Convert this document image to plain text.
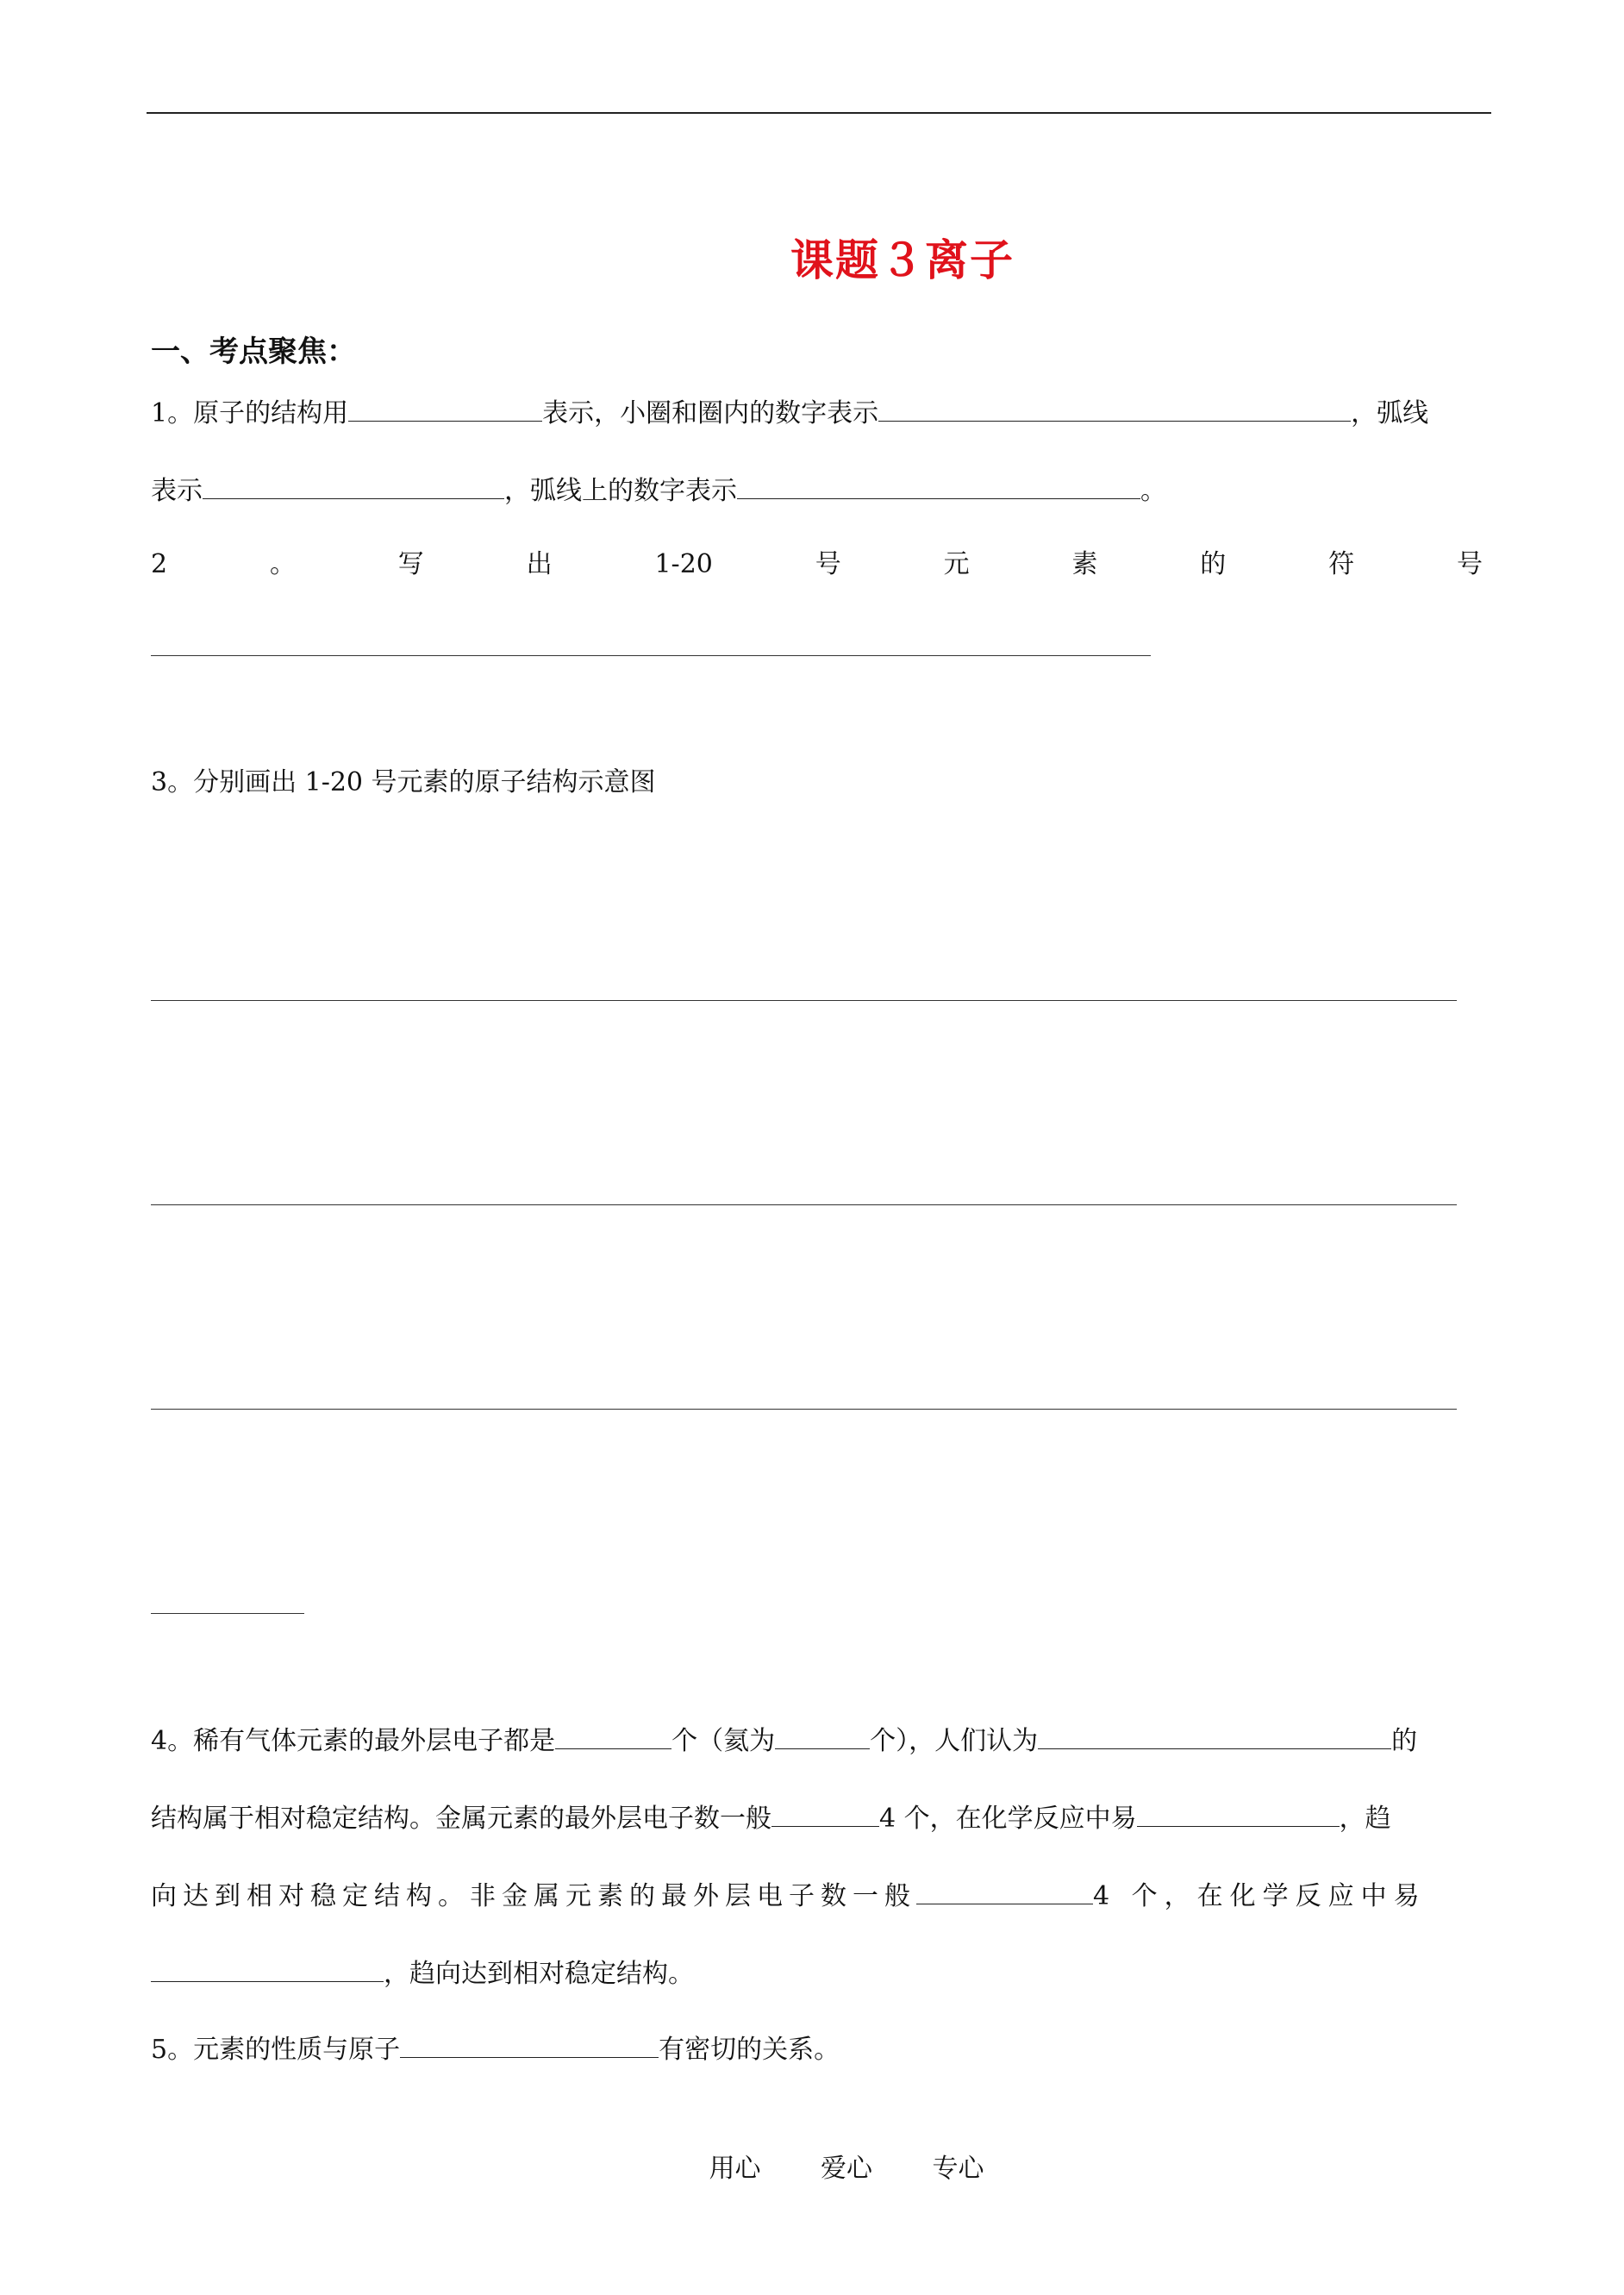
课题３离子
一、考点聚焦：
1。原子的结构用	表示，小圈和圈内的数字表示	，弧线
表示	，弧线上的数字表示	。
2	。	写	出	1-20	号	元	素	的	符	号
3。分别画出 1-20 号元素的原子结构示意图
4。稀有气体元素的最外层电子都是	个（氦为	个），人们认为	的
结构属于相对稳定结构。金属元素的最外层电子数一般	4 个，在化学反应中易	，趋
向达到相对稳定结构。非金属元素的最外层电子数一般	4 个，在化学反应中易
，趋向达到相对稳定结构。
5。元素的性质与原子	有密切的关系。
用心 爱心 专心
